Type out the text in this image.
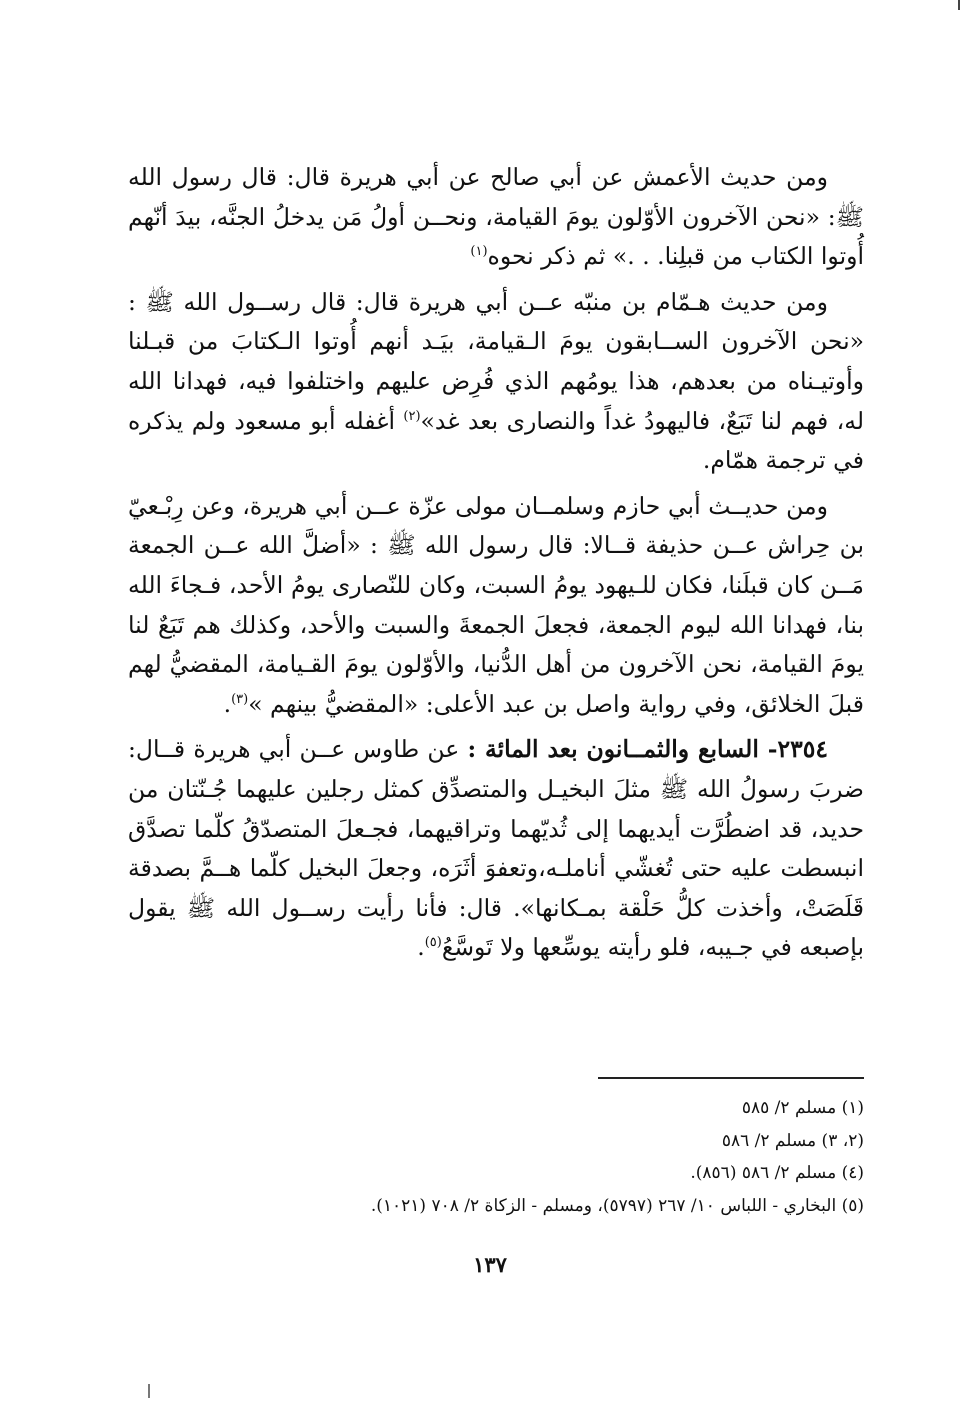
ومن حديث الأعمش عن أبي صالح عن أبي هريرة قال: قال رسول الله ﷺ: «نحن الآخرون الأوّلون يومَ القيامة، ونحــن أولُ مَن يدخلُ الجنَّه، بيدَ أنّهم أُوتوا الكتاب من قبلِنا. . .» ثم ذكر نحوه$^{(١)}$

ومن حديث هـمّام بن منبّه عــن أبي هريرة قال: قال رســول الله ﷺ : «نحن الآخرون الســابقون يومَ الـقيامة، بيَـد أنهم أُوتوا الـكتابَ من قبـلنا وأوتيـناه من بعدهم، هذا يومُهم الذي فُرِض عليهم واختلفوا فيه، فهدانا الله له، فهم لنا تَبَعٌ، فاليهودُ غداً والنصارى بعد غد»$^{(٢)}$ أغفله أبو مسعود ولم يذكره في ترجمة همّام.

ومن حديــث أبي حازم وسلمــان مولى عزّة عــن أبي هريرة، وعن رِبْـعيّ بن حِراش عــن حذيفة قــالا: قال رسول الله ﷺ : «أضلَّ الله عــن الجمعة مَــن كان قبلَنا، فكان للـيهود يومُ السبت، وكان للنّصارى يومُ الأحد، فـجاءَ الله بنا، فهدانا الله ليوم الجمعة، فجعلَ الجمعةَ والسبت والأحد، وكذلك هم تَبَعٌ لنا يومَ القيامة، نحن الآخرون من أهل الدُّنيا، والأوّلون يومَ القـيامة، المقضيُّ لهم قبلَ الخلائق، وفي رواية واصل بن عبد الأعلى: «المقضيُّ بينهم »$^{(٣)}$.

٢٣٥٤- السابع والثمــانون بعد المائة : عن طاوس عــن أبي هريرة قــال: ضربَ رسولُ الله ﷺ مثلَ البخيـل والمتصدِّق كمثل رجلين عليهما جُـنّتان من حديد، قد اضطُرَّت أيديهما إلى ثُديّهما وتراقيهما، فجـعلَ المتصدّقُ كلّما تصدَّق انبسطت عليه حتى تُغشّي أناملـه،وتعفوَ أثَرَه، وجعلَ البخيل كلّما هــمَّ بصدقة قَلَصَتْ، وأخذت كلُّ حَلْقة بمـكانها». قال: فأنا رأيت رســول الله ﷺ يقول بإصبعه في جـيبه، فلو رأيته يوسِّعها ولا تَوسَّعُ$^{(٥)}$.

(١) مسلم ٢/ ٥٨٥

(٢، ٣) مسلم ٢/ ٥٨٦

(٤) مسلم ٢/ ٥٨٦ (٨٥٦).

(٥) البخاري - اللباس ١٠/ ٢٦٧ (٥٧٩٧)، ومسلم - الزكاة ٢/ ٧٠٨ (١٠٢١).

١٣٧
